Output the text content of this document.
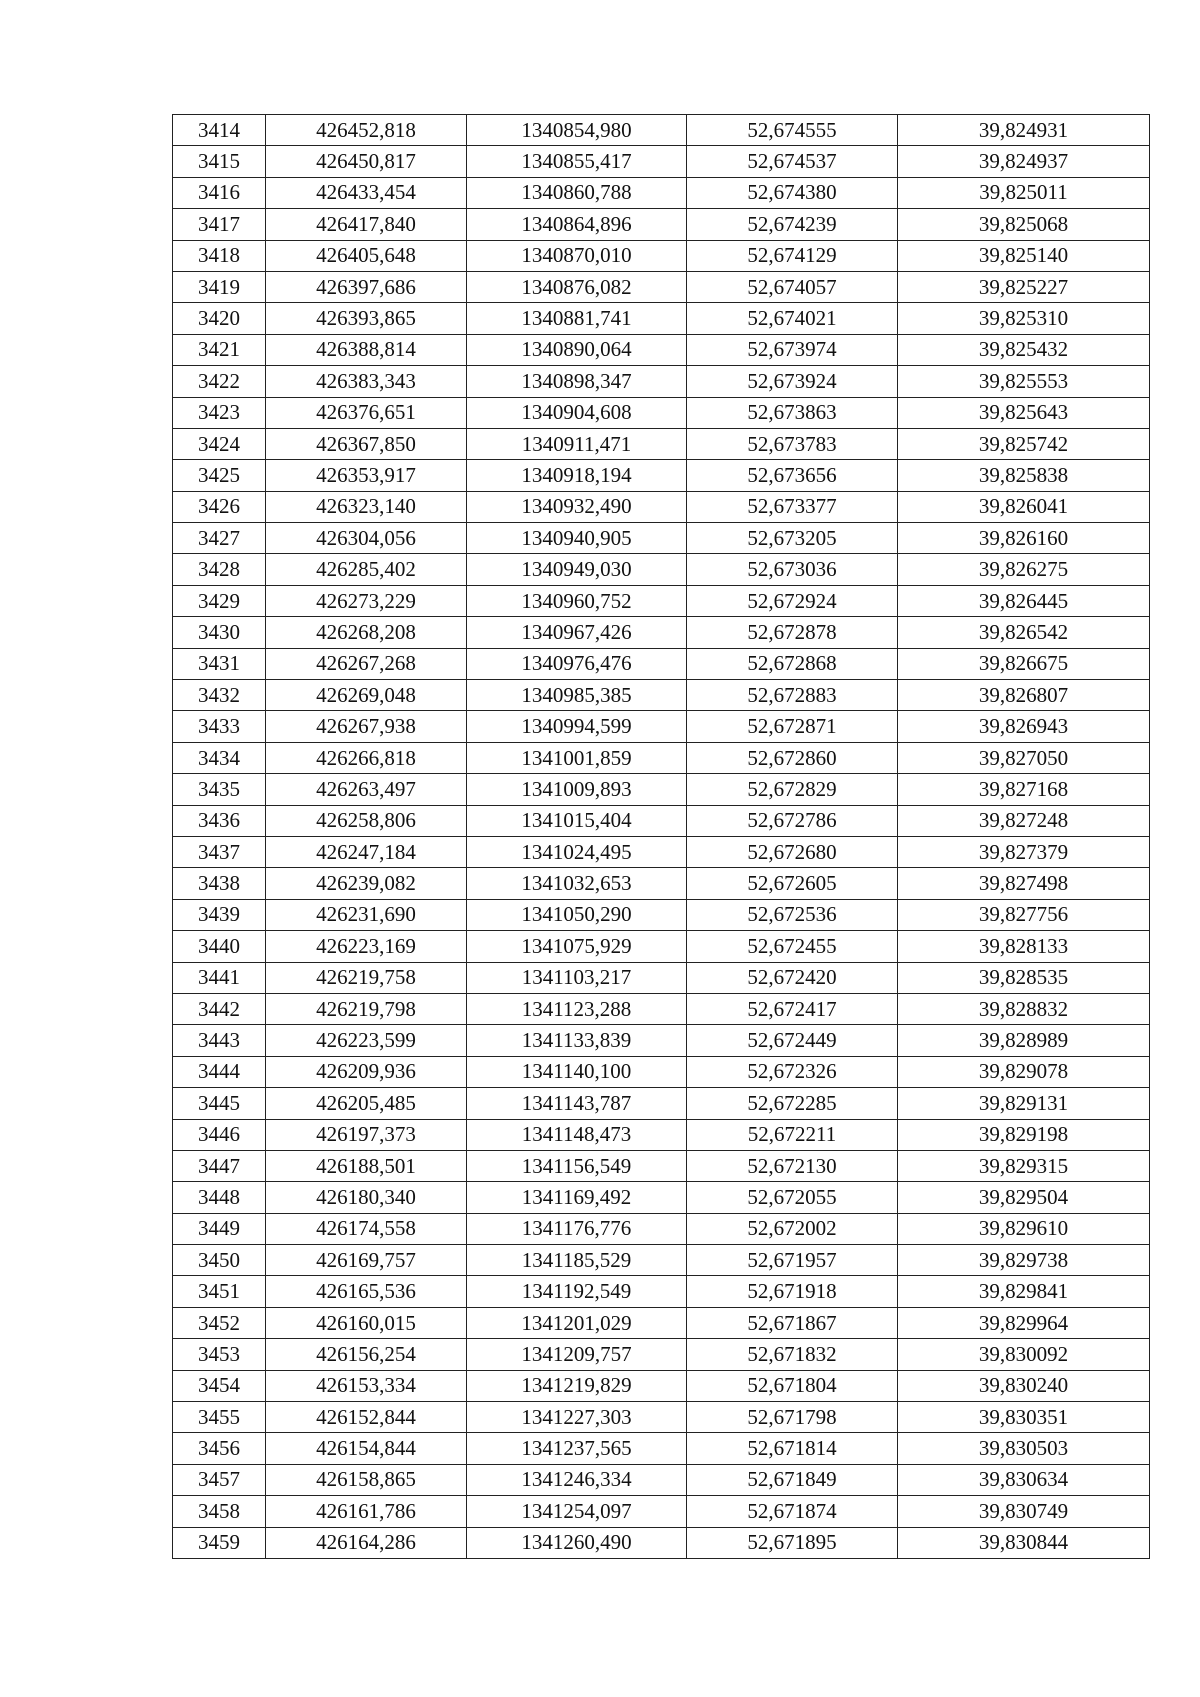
3414	426452,818	1340854,980	52,674555	39,824931
3415	426450,817	1340855,417	52,674537	39,824937
3416	426433,454	1340860,788	52,674380	39,825011
3417	426417,840	1340864,896	52,674239	39,825068
3418	426405,648	1340870,010	52,674129	39,825140
3419	426397,686	1340876,082	52,674057	39,825227
3420	426393,865	1340881,741	52,674021	39,825310
3421	426388,814	1340890,064	52,673974	39,825432
3422	426383,343	1340898,347	52,673924	39,825553
3423	426376,651	1340904,608	52,673863	39,825643
3424	426367,850	1340911,471	52,673783	39,825742
3425	426353,917	1340918,194	52,673656	39,825838
3426	426323,140	1340932,490	52,673377	39,826041
3427	426304,056	1340940,905	52,673205	39,826160
3428	426285,402	1340949,030	52,673036	39,826275
3429	426273,229	1340960,752	52,672924	39,826445
3430	426268,208	1340967,426	52,672878	39,826542
3431	426267,268	1340976,476	52,672868	39,826675
3432	426269,048	1340985,385	52,672883	39,826807
3433	426267,938	1340994,599	52,672871	39,826943
3434	426266,818	1341001,859	52,672860	39,827050
3435	426263,497	1341009,893	52,672829	39,827168
3436	426258,806	1341015,404	52,672786	39,827248
3437	426247,184	1341024,495	52,672680	39,827379
3438	426239,082	1341032,653	52,672605	39,827498
3439	426231,690	1341050,290	52,672536	39,827756
3440	426223,169	1341075,929	52,672455	39,828133
3441	426219,758	1341103,217	52,672420	39,828535
3442	426219,798	1341123,288	52,672417	39,828832
3443	426223,599	1341133,839	52,672449	39,828989
3444	426209,936	1341140,100	52,672326	39,829078
3445	426205,485	1341143,787	52,672285	39,829131
3446	426197,373	1341148,473	52,672211	39,829198
3447	426188,501	1341156,549	52,672130	39,829315
3448	426180,340	1341169,492	52,672055	39,829504
3449	426174,558	1341176,776	52,672002	39,829610
3450	426169,757	1341185,529	52,671957	39,829738
3451	426165,536	1341192,549	52,671918	39,829841
3452	426160,015	1341201,029	52,671867	39,829964
3453	426156,254	1341209,757	52,671832	39,830092
3454	426153,334	1341219,829	52,671804	39,830240
3455	426152,844	1341227,303	52,671798	39,830351
3456	426154,844	1341237,565	52,671814	39,830503
3457	426158,865	1341246,334	52,671849	39,830634
3458	426161,786	1341254,097	52,671874	39,830749
3459	426164,286	1341260,490	52,671895	39,830844
